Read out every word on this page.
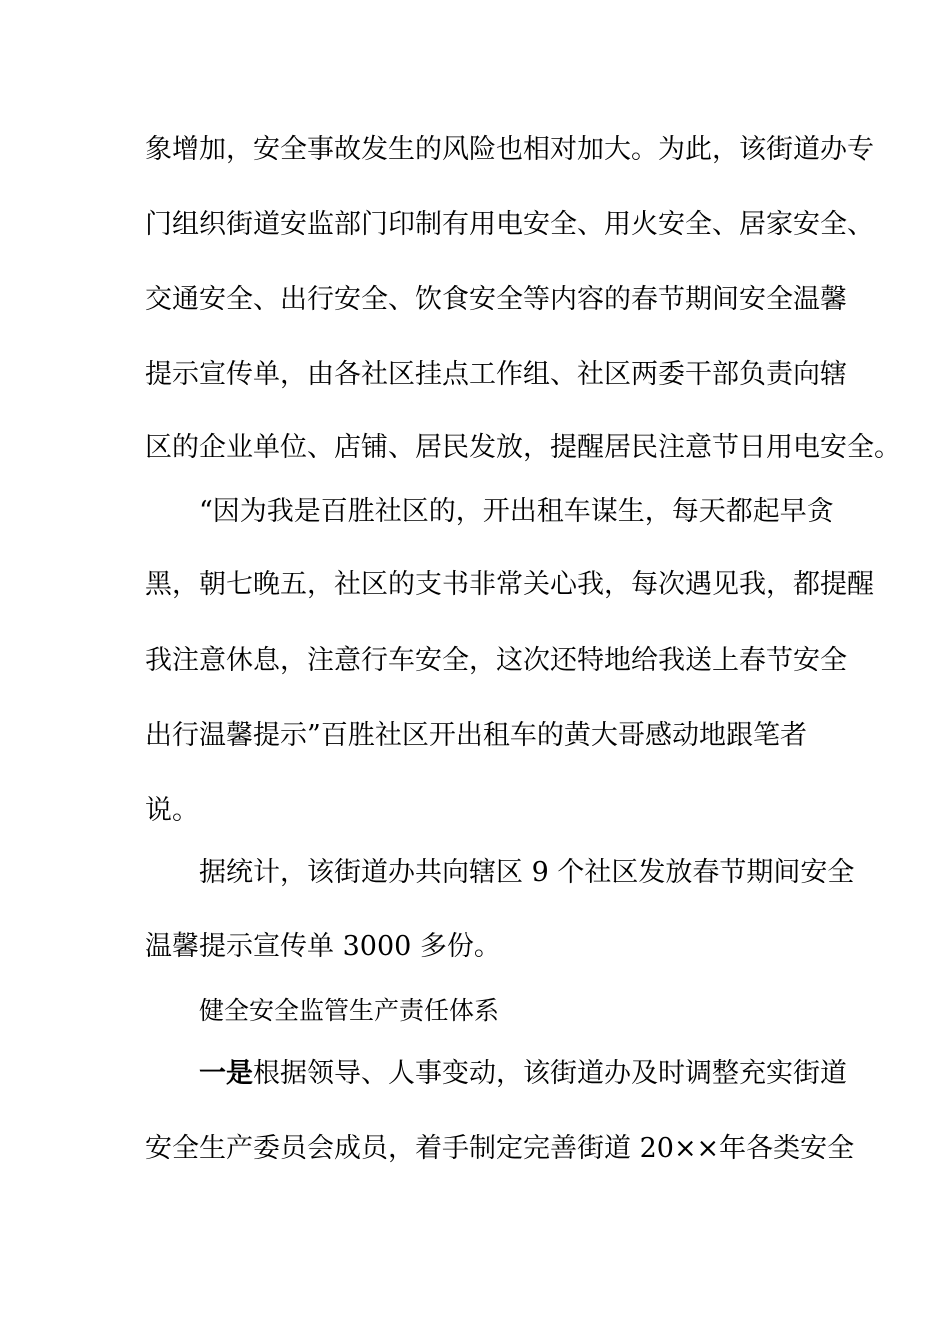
象增加，安全事故发生的风险也相对加大。为此，该街道办专
门组织街道安监部门印制有用电安全、用火安全、居家安全、
交通安全、出行安全、饮食安全等内容的春节期间安全温馨
提示宣传单，由各社区挂点工作组、社区两委干部负责向辖
区的企业单位、店铺、居民发放，提醒居民注意节日用电安全。
“因为我是百胜社区的，开出租车谋生，每天都起早贪
黑，朝七晚五，社区的支书非常关心我，每次遇见我，都提醒
我注意休息，注意行车安全，这次还特地给我送上春节安全
出行温馨提示”百胜社区开出租车的黄大哥感动地跟笔者
说。
据统计，该街道办共向辖区 9 个社区发放春节期间安全
温馨提示宣传单 3000 多份。
健全安全监管生产责任体系
一是根据领导、人事变动，该街道办及时调整充实街道
安全生产委员会成员，着手制定完善街道 20××年各类安全
